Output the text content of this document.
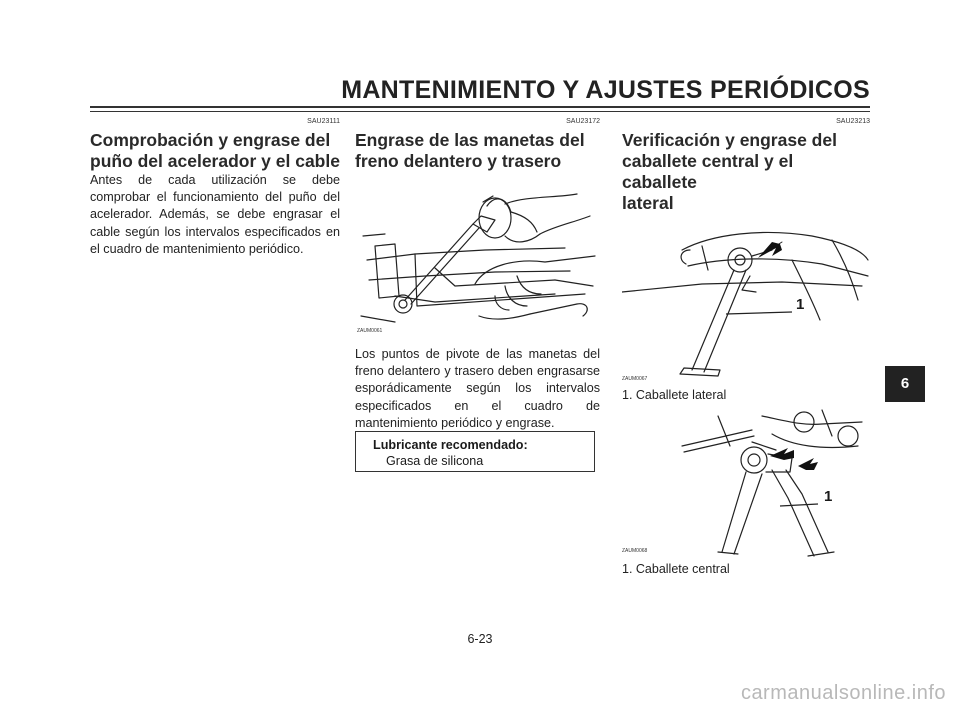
MANTENIMIENTO Y AJUSTES PERIÓDICOS
SAU23111
Comprobación y engrase del
puño del acelerador y el cable

Antes de cada utilización se debe comprobar el funcionamiento del puño del acelerador. Además, se debe engrasar el cable según los intervalos especificados en el cuadro de mantenimiento periódico.

SAU23172
Engrase de las manetas del
freno delantero y trasero
ZAUM0061

Los puntos de pivote de las manetas del freno delantero y trasero deben engrasarse esporádicamente según los intervalos especificados en el cuadro de mantenimiento periódico y engrase.

Lubricante recomendado:
Grasa de silicona
SAU23213
Verificación y engrase del
caballete central y el caballete
lateral
1
ZAUM0067

1. Caballete lateral

1
ZAUM0068

1. Caballete central

6
6-23
carmanualsonline.info
